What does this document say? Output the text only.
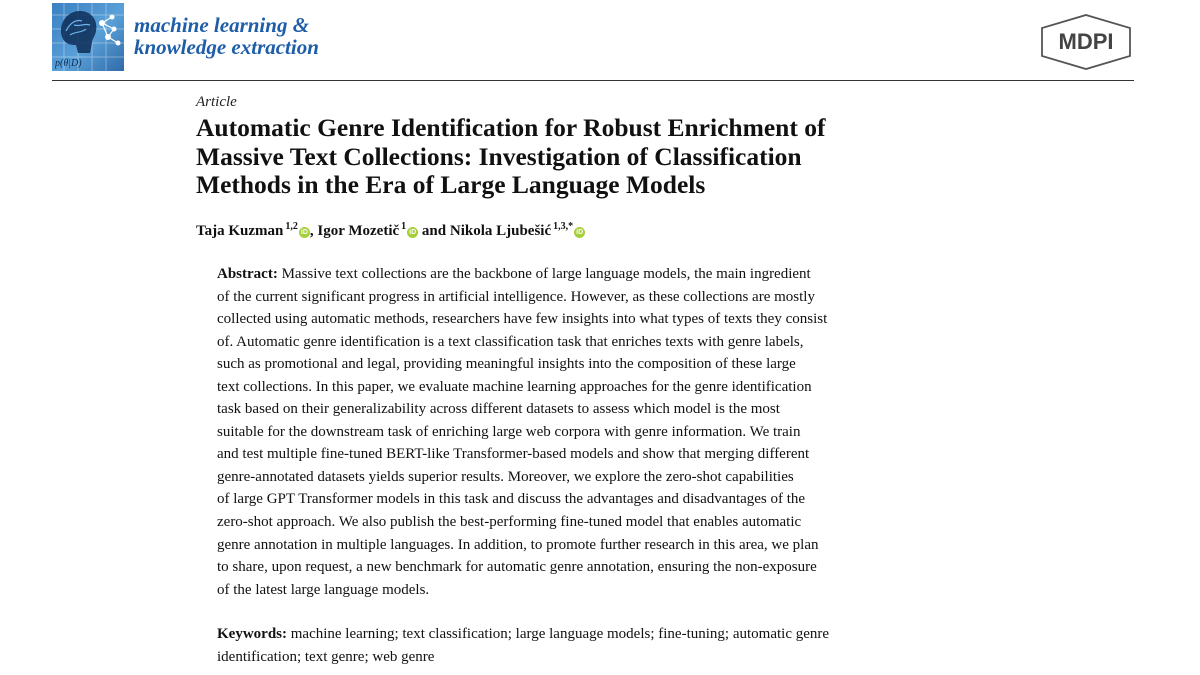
p(θ|D)
machine learning &
knowledge extraction	MDPI
Article
Automatic Genre Identification for Robust Enrichment of
Massive Text Collections: Investigation of Classification
Methods in the Era of Large Language Models
Taja Kuzman $^{1,2}$iD , Igor Mozetič $^1$iD and Nikola Ljubešić $^{1,3,*}$iD
Abstract: Massive text collections are the backbone of large language models, the main ingredient
of the current significant progress in artificial intelligence. However, as these collections are mostly
collected using automatic methods, researchers have few insights into what types of texts they consist
of. Automatic genre identification is a text classification task that enriches texts with genre labels,
such as promotional and legal, providing meaningful insights into the composition of these large
text collections. In this paper, we evaluate machine learning approaches for the genre identification
task based on their generalizability across different datasets to assess which model is the most
suitable for the downstream task of enriching large web corpora with genre information. We train
and test multiple fine-tuned BERT-like Transformer-based models and show that merging different
genre-annotated datasets yields superior results. Moreover, we explore the zero-shot capabilities
of large GPT Transformer models in this task and discuss the advantages and disadvantages of the
zero-shot approach. We also publish the best-performing fine-tuned model that enables automatic
genre annotation in multiple languages. In addition, to promote further research in this area, we plan
to share, upon request, a new benchmark for automatic genre annotation, ensuring the non-exposure
of the latest large language models.
Keywords: machine learning; text classification; large language models; fine-tuning; automatic genre
identification; text genre; web genre
